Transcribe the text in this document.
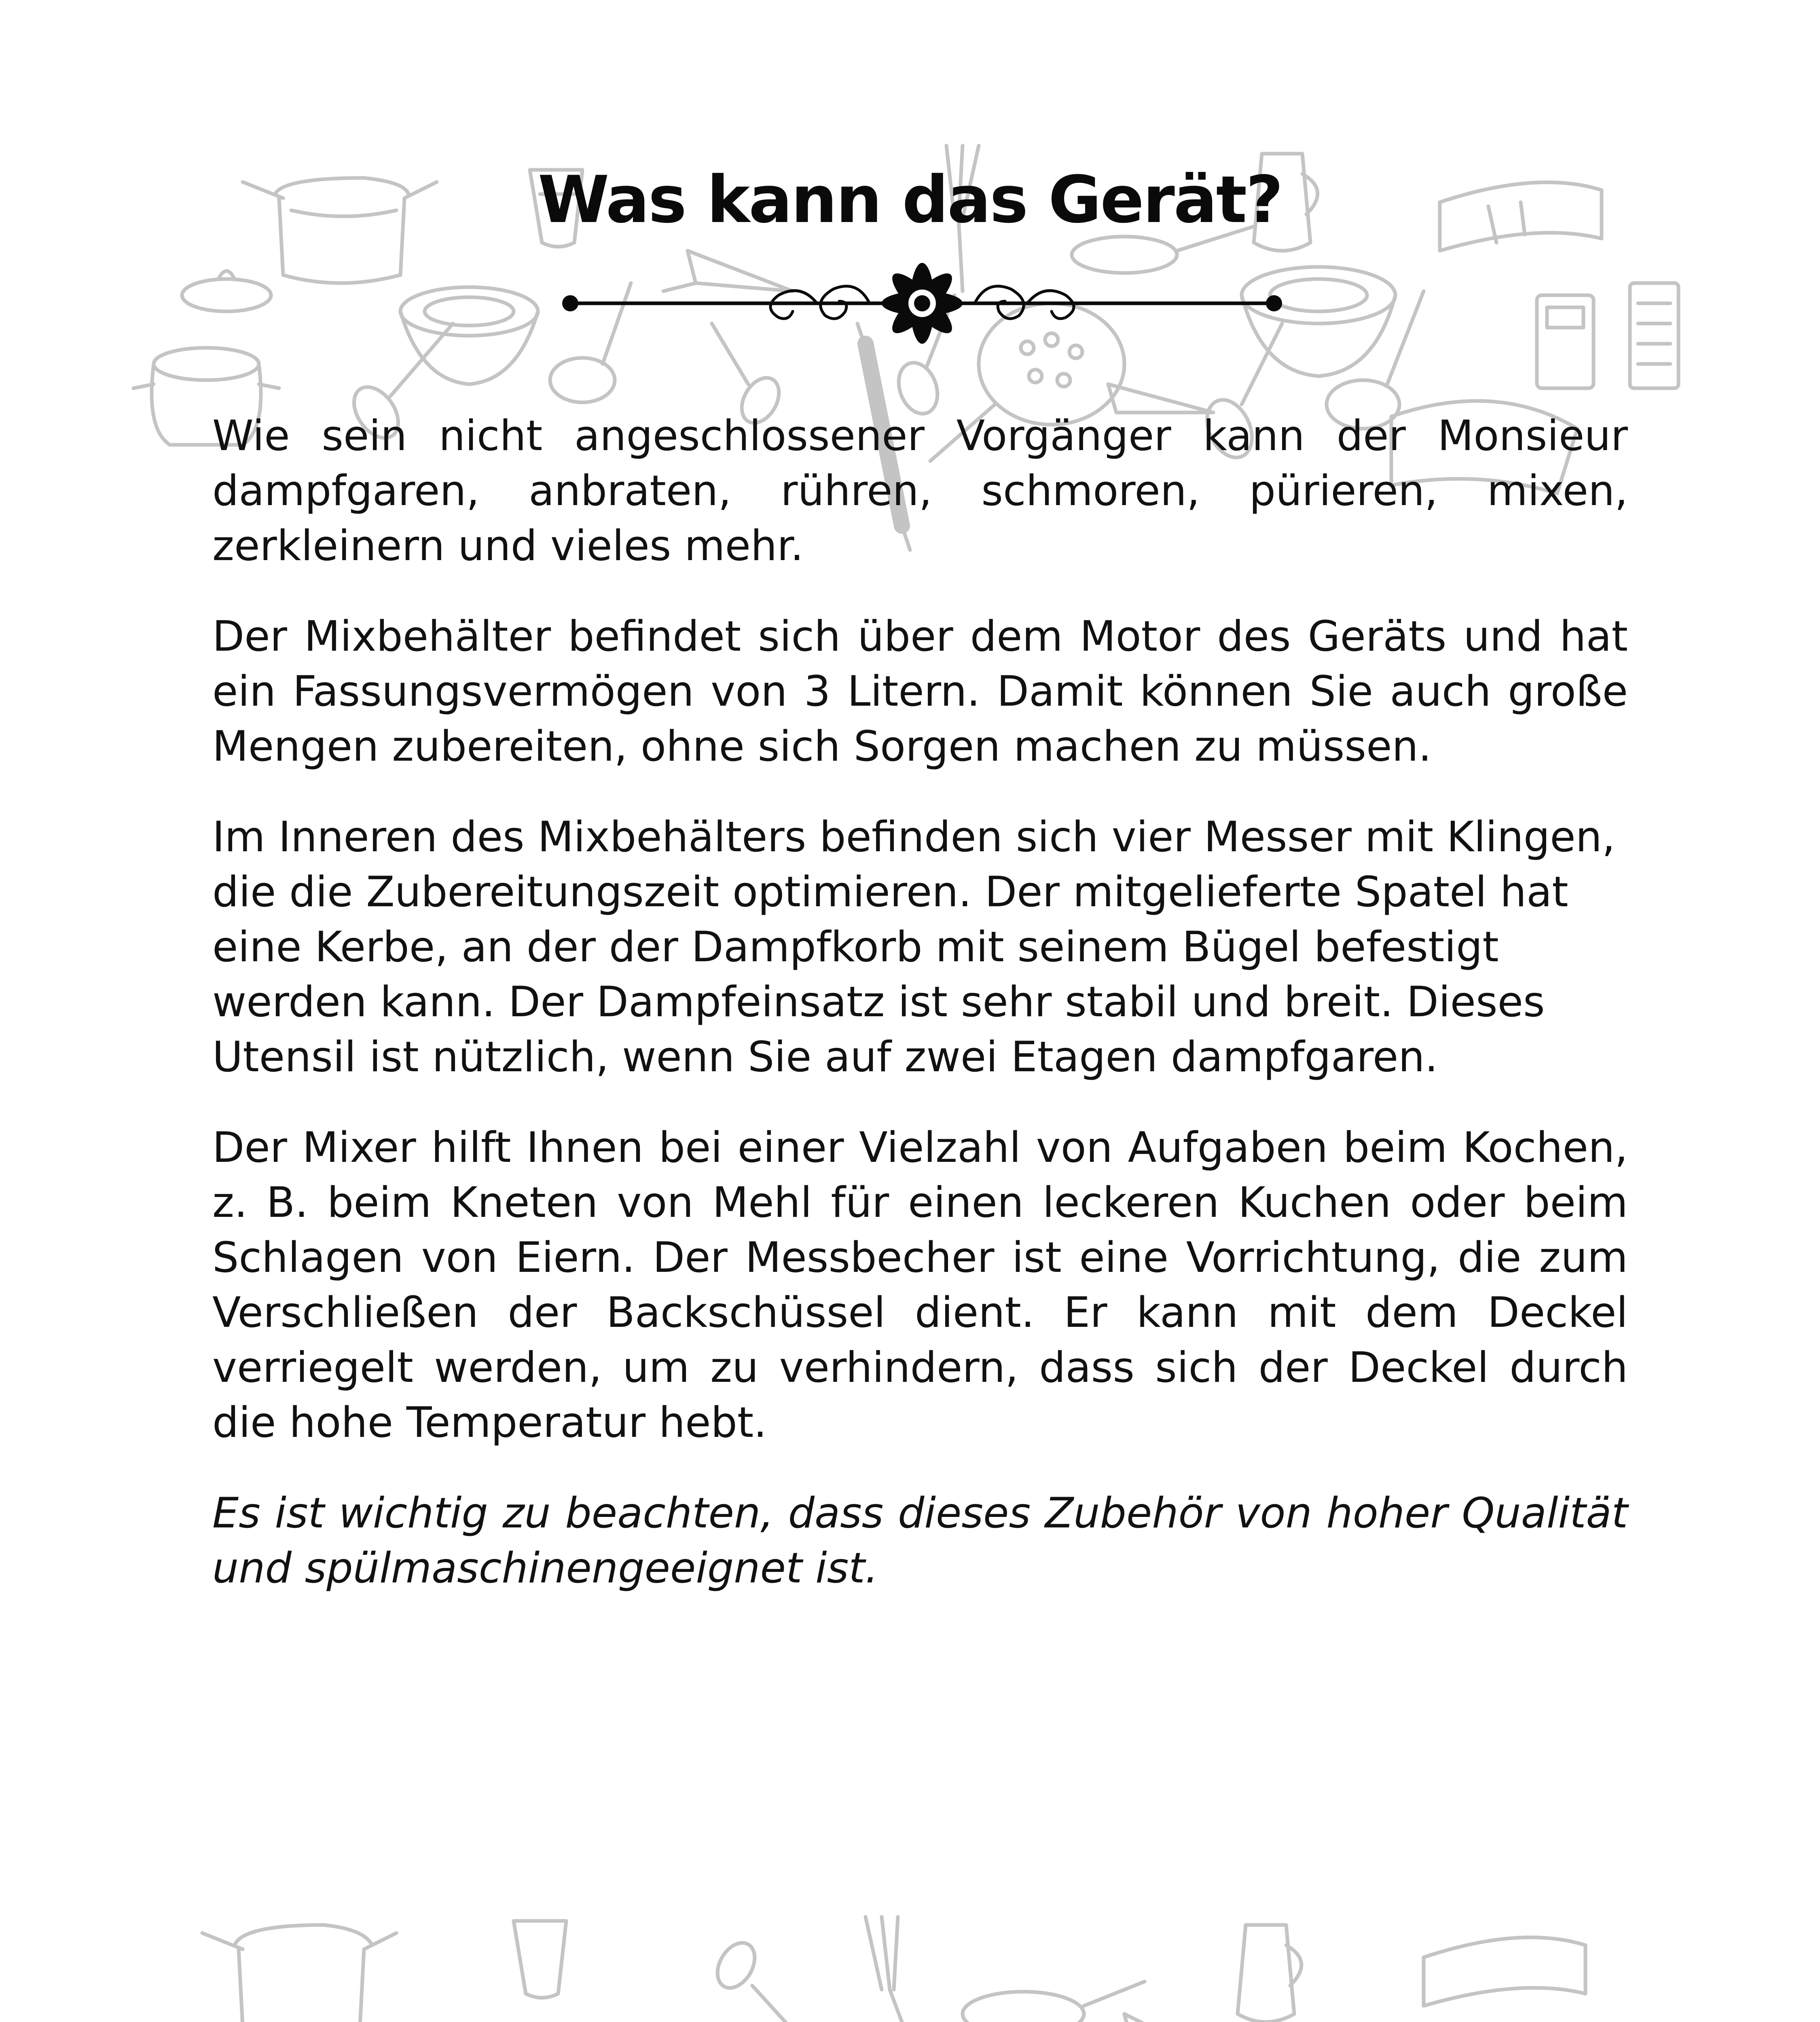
Was kann das Gerät?

Wie sein nicht angeschlossener Vorgänger kann der Monsieur dampfgaren, anbraten, rühren, schmoren, pürieren, mixen, zerkleinern und vieles mehr.

Der Mixbehälter befindet sich über dem Motor des Geräts und hat ein Fassungsvermögen von 3 Litern. Damit können Sie auch große Mengen zubereiten, ohne sich Sorgen machen zu müssen.

Im Inneren des Mixbehälters befinden sich vier Messer mit Klingen, die die Zubereitungszeit optimieren. Der mitgelieferte Spatel hat eine Kerbe, an der der Dampfkorb mit seinem Bügel befestigt werden kann. Der Dampfeinsatz ist sehr stabil und breit. Dieses Utensil ist nützlich, wenn Sie auf zwei Etagen dampfgaren.

Der Mixer hilft Ihnen bei einer Vielzahl von Aufgaben beim Kochen, z. B. beim Kneten von Mehl für einen leckeren Kuchen oder beim Schlagen von Eiern. Der Messbecher ist eine Vorrichtung, die zum Verschließen der Backschüssel dient. Er kann mit dem Deckel verriegelt werden, um zu verhindern, dass sich der Deckel durch die hohe Temperatur hebt.

Es ist wichtig zu beachten, dass dieses Zubehör von hoher Qualität und spülmaschinengeeignet ist.
